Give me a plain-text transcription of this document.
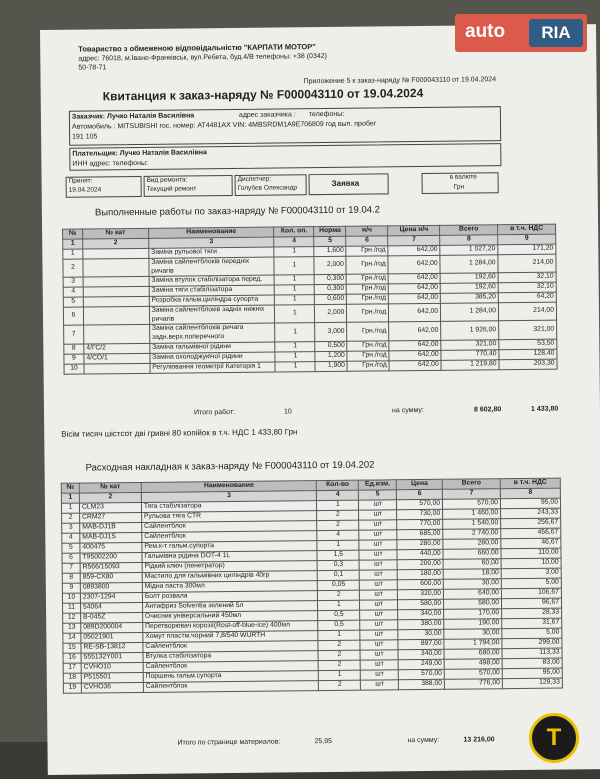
Товариство з обмеженою відповідальністю "КАРПАТИ МОТОР"
адрес: 76018, м.Івано-Франківськ, вул.Ребета, буд.4/В телефоны: +38 (0342)
50-78-71
Приложение 5 к заказ-наряду № F000043110 от 19.04.2024
Квитанция к заказ-наряду № F000043110 от 19.04.2024
Заказчик: Лучко Наталія Василівна	адрес заказчика : телефоны:
Автомобиль : MITSUBISHI гос. номер: AT4481AX VIN: 4MBSRDM1A9E706809 год вып. пробег
191 105
Плательщик: Лучко Наталія Василівна
ИНН адрес: телефоны:
Принят:
19.04.2024
Вид ремонта:
Текущий ремонт
Диспетчер:
Голубев Олександр
Заявка
в валюте
Грн
Выполненные работы по заказ-наряду № F000043110 от 19.04.2
№	№ кат	Наименование	Кол. оп.	Норма	н/ч	Цена н/ч	Всего	в т.ч. НДС
1	2	3	4	5	6	7	8	9
1		Заміна рульової тяги	1	1,600	Грн./год	642,00	1 027,20	171,20
2		Заміна сайлентблоків передніх ричагів	1	2,000	Грн./год	642,00	1 284,00	214,00
3		Заміна втулок стабілізатора перед.	1	0,300	Грн./год	642,00	192,60	32,10
4		Заміна тяги стабілізатора	1	0,300	Грн./год	642,00	192,60	32,10
5		Розробка гальм.циліндра супорта	1	0,600	Грн./год	642,00	385,20	64,20
6		Заміна сайлентблоків задніх нижніх ричагів	1	2,000	Грн./год	642,00	1 284,00	214,00
7		Заміна сайлентблоків ричага задн.верх.поперечного	1	3,000	Грн./год	642,00	1 926,00	321,00
8	4/ГС/2	Заміна гальмівної рідини	1	0,500	Грн./год	642,00	321,00	53,50
9	4/СО/1	Заміна охолоджуючої рідини	1	1,200	Грн./год	642,00	770,40	128,40
10		Регулювання геометрії Категорія 1	1	1,900	Грн./год	642,00	1 219,80	203,30
Итого работ:	10	на сумму:	8 602,80	1 433,80
Вісім тисяч шістсот дві гривні 80 копійок в т.ч. НДС 1 433,80 Грн
Расходная накладная к заказ-наряду № F000043110 от 19.04.202
№	№ кат	Наименование	Кол-во	Ед.изм.	Цена	Всего	в т.ч. НДС
1	2	3	4	5	6	7	8
1	CLM23	Тяга стабілізатора	1	шт	570,00	570,00	95,00
2	CRM27	Рульова тяга CTR	2	шт	730,00	1 460,00	243,33
3	MAB-DJ1B	Сайлентблок	2	шт	770,00	1 540,00	256,67
4	MAB-DJ1S	Сайлентблок	4	шт	685,00	2 740,00	456,67
5	400475	Рем.к-т гальм.супорта	1	шт	280,00	280,00	46,67
6	T95002200	Гальмівна рідина DOT-4 1L	1,5	шт	440,00	660,00	110,00
7	R566/15093	Рідкий ключ (пенетратор)	0,3	шт	200,00	60,00	10,00
8	859-CX80	Мастило для гальмівних циліндрів 40гр	0,1	шт	180,00	18,00	3,00
9	0893800	Мідна паста 300мл	0,05	шт	600,00	30,00	5,00
10	2307-1294	Болт розвала	2	шт	320,00	640,00	106,67
11	54064	Антифриз Solventia зелений 5л	1	шт	580,00	580,00	96,67
12	B-045Z	Очисник універсальний 450мл	0,5	шт	340,00	170,00	28,33
13	089D200004	Перетворювач корозії(Rost-off-blue-ice) 400мл	0,5	шт	380,00	190,00	31,67
14	05021901	Хомут пластм.чорний 7,8/540 WURTH	1	шт	30,00	30,00	5,00
15	RE-SB-13812	Сайлентблок	2	шт	897,00	1 794,00	299,00
16	555132Y001	Втулка стабілізатора	2	шт	340,00	680,00	113,33
17	CVHO10	Сайлентблок	2	шт	249,00	498,00	83,00
18	P515501	Поршень гальм.супорта	1	шт	570,00	570,00	95,00
19	CVHO36	Сайлентблок	2	шт	388,00	776,00	129,33
Итого по странице материалов:	25,95	на сумму:	13 216,00
auto	RIA
T
